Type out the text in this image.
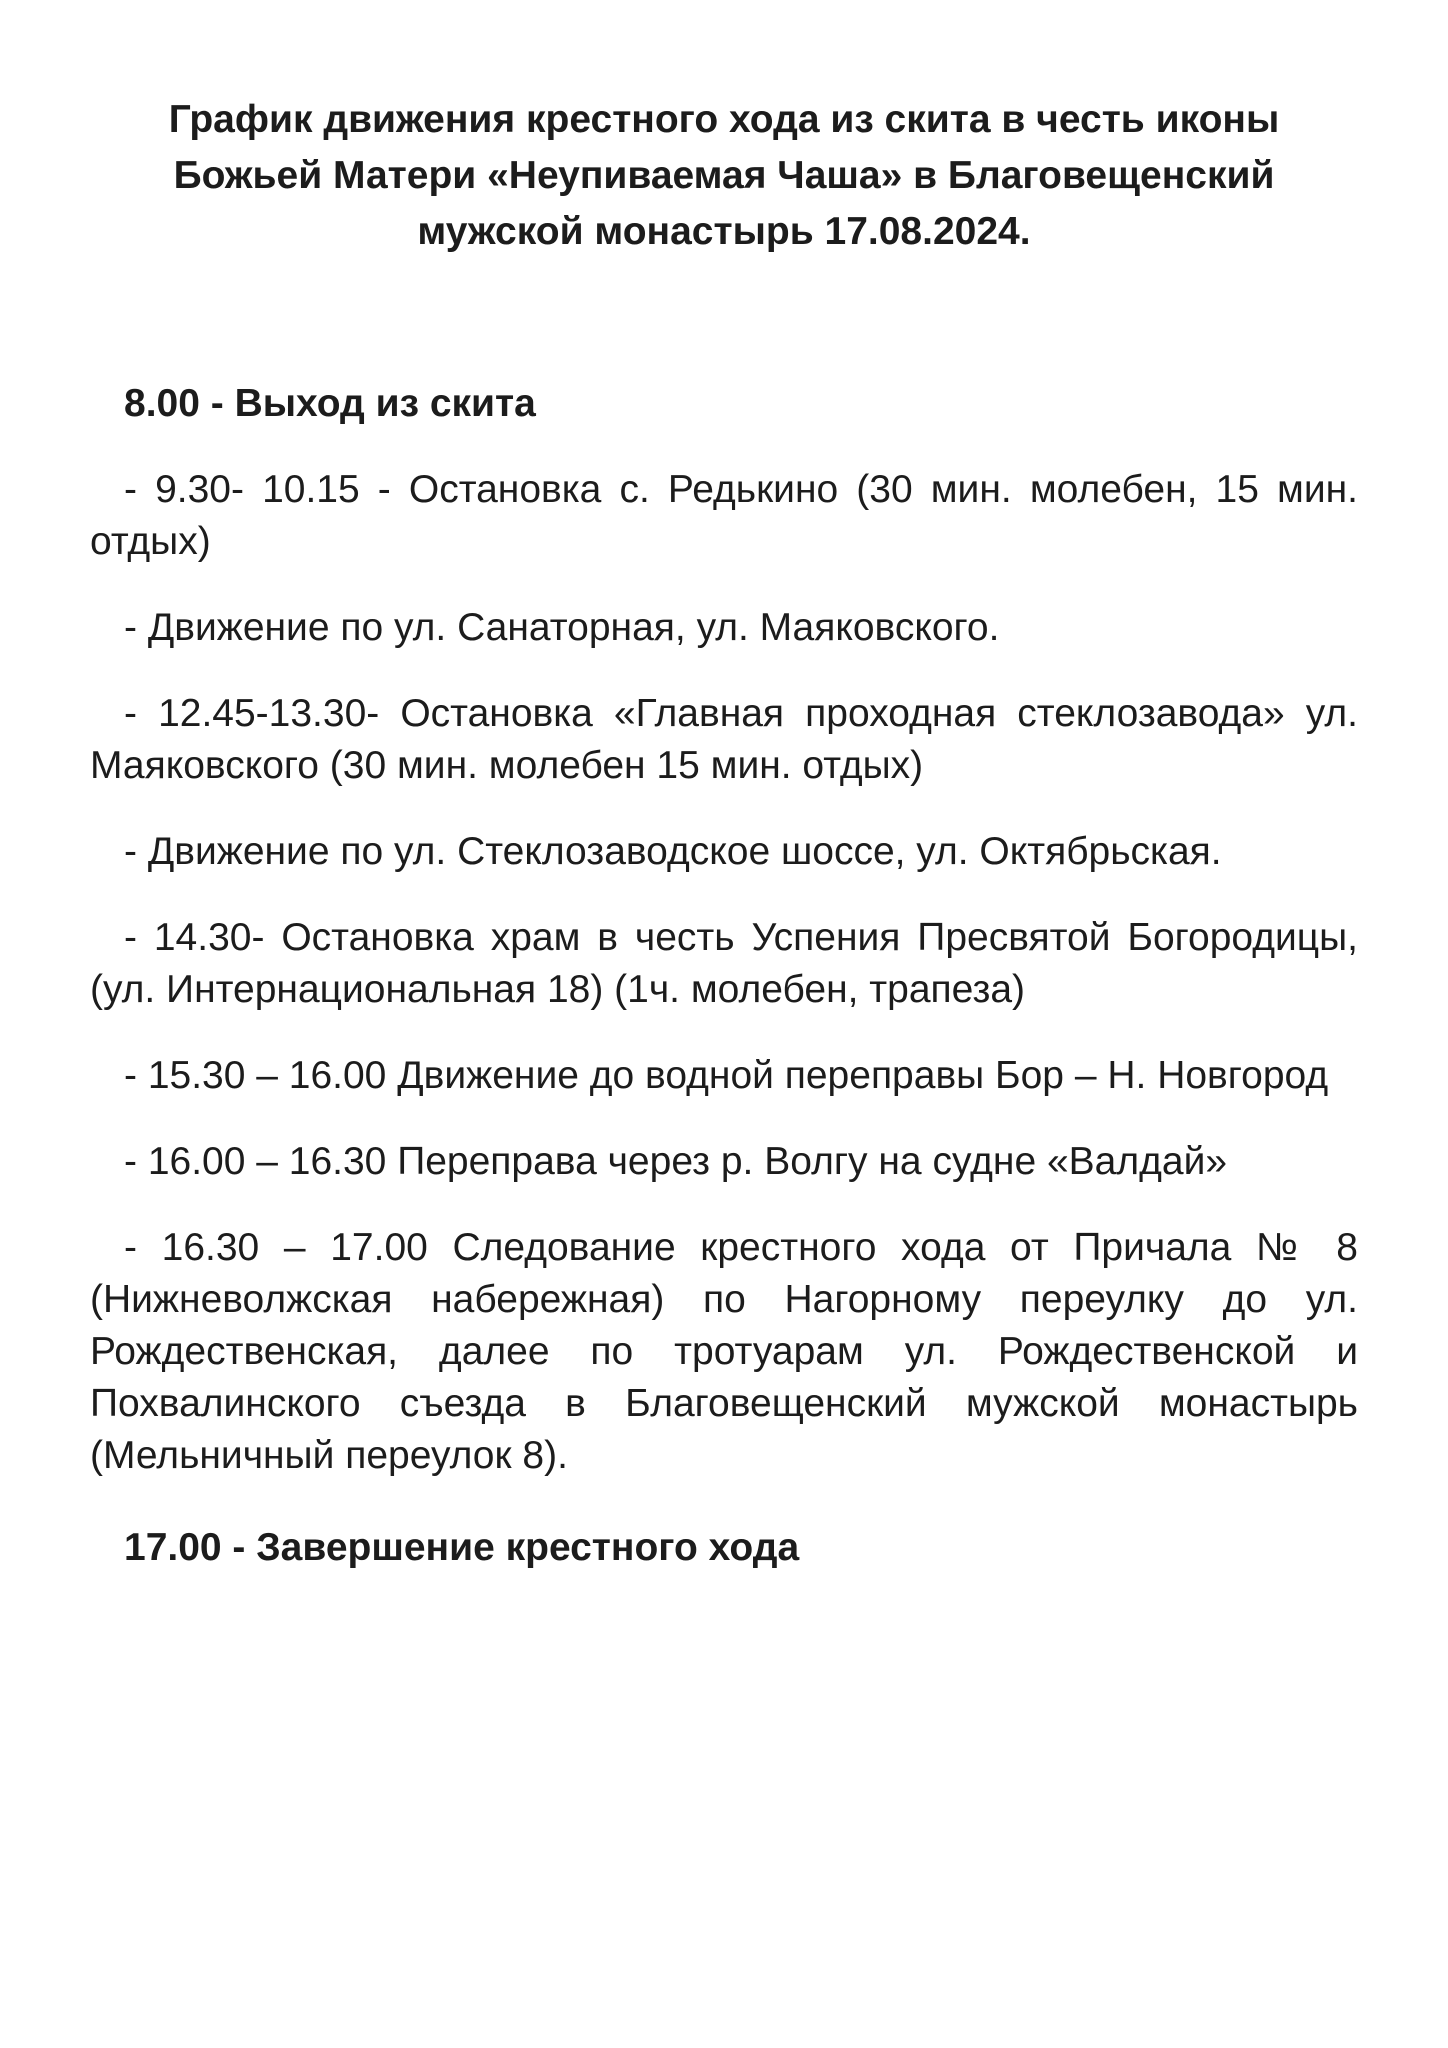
График движения крестного хода из скита в честь иконы Божьей Матери «Неупиваемая Чаша» в Благовещенский мужской монастырь 17.08.2024.

8.00 - Выход из скита

- 9.30- 10.15 - Остановка с. Редькино (30 мин. молебен, 15 мин. отдых)

- Движение по ул. Санаторная, ул. Маяковского.

- 12.45-13.30- Остановка «Главная проходная стеклозавода» ул. Маяковского (30 мин. молебен 15 мин. отдых)

- Движение по ул. Стеклозаводское шоссе, ул. Октябрьская.

- 14.30- Остановка храм в честь Успения Пресвятой Богородицы, (ул. Интернациональная 18) (1ч. молебен, трапеза)

- 15.30 – 16.00 Движение до водной переправы Бор – Н. Новгород

- 16.00 – 16.30 Переправа через р. Волгу на судне «Валдай»

- 16.30 – 17.00 Следование крестного хода от Причала № 8 (Нижневолжская набережная) по Нагорному переулку до ул. Рождественская, далее по тротуарам ул. Рождественской и Похвалинского съезда в Благовещенский мужской монастырь (Мельничный переулок 8).

17.00 - Завершение крестного хода
